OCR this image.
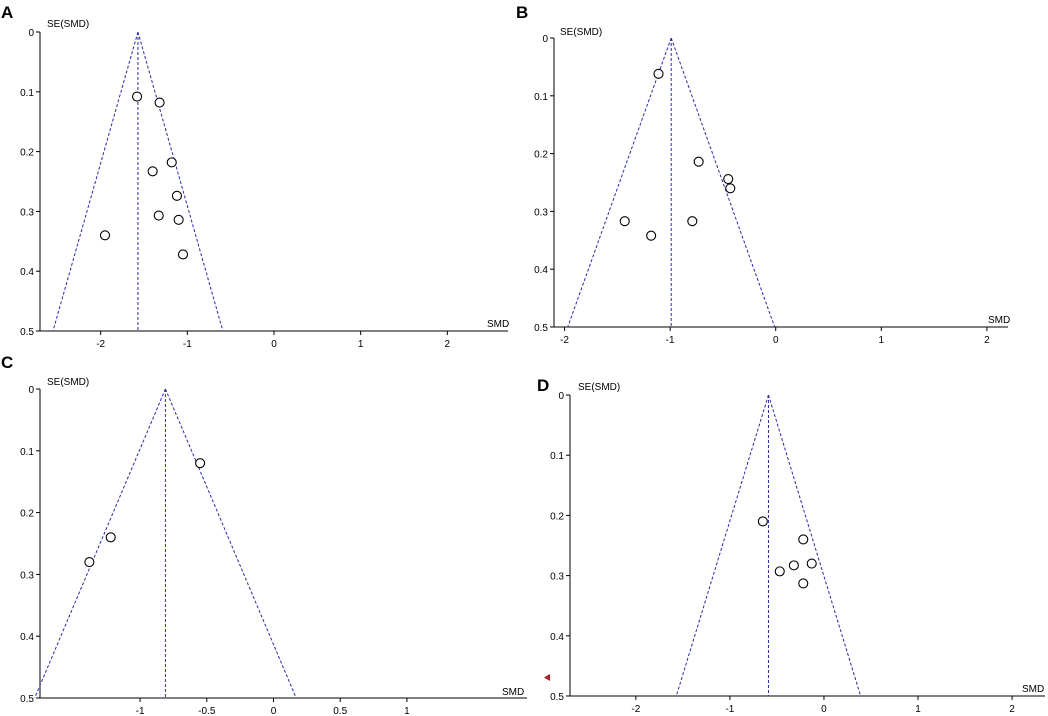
A
0
0.1
0.2
0.3
0.4
0.5
-2	-1	0	1	2
SE(SMD)
SMD
B
0
0.1
0.2
0.3
0.4
0.5
-2	-1	0	1	2
SE(SMD)
SMD
C
0
0.1
0.2
0.3
0.4
0.5
-1	-0.5	0	0.5	1
SE(SMD)
SMD
D
0
0.1
0.2
0.3
0.4
0.5
-2	-1	0	1	2
SE(SMD)
SMD
